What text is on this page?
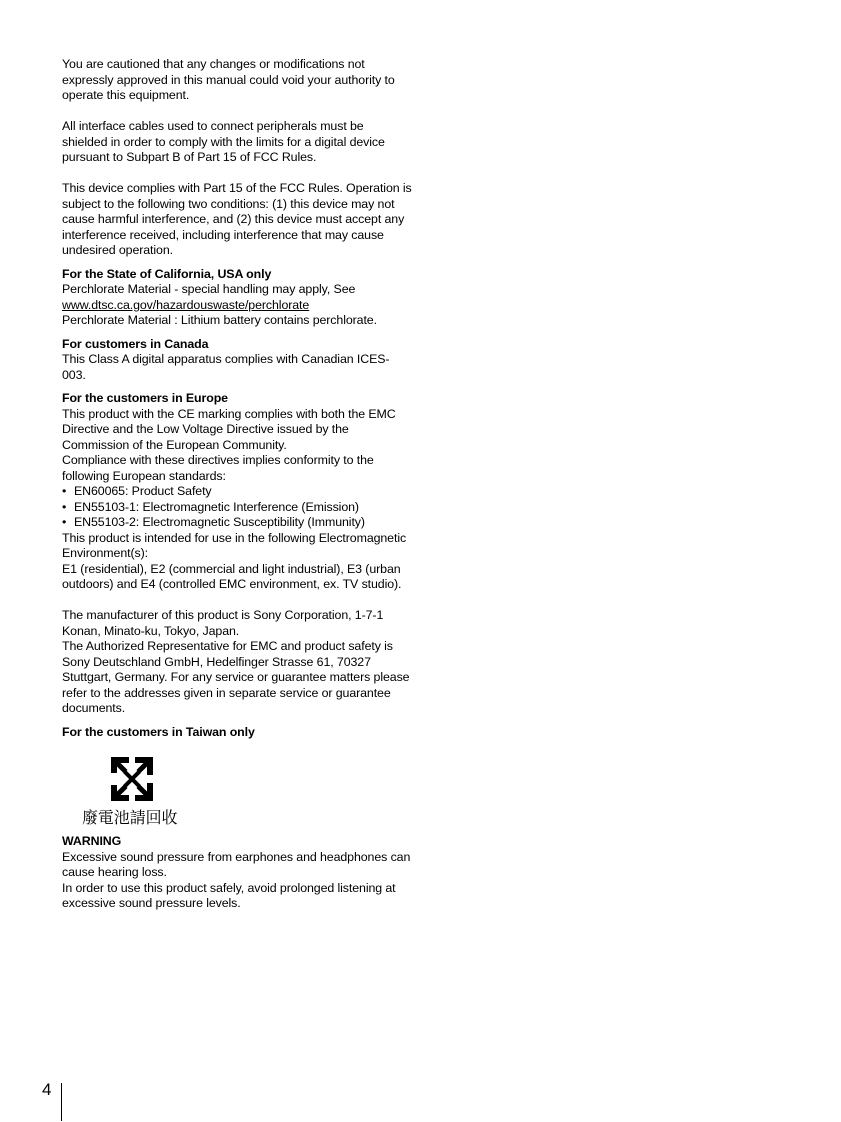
You are cautioned that any changes or modifications not expressly approved in this manual could void your authority to operate this equipment.

All interface cables used to connect peripherals must be shielded in order to comply with the limits for a digital device pursuant to Subpart B of Part 15 of FCC Rules.

This device complies with Part 15 of the FCC Rules. Operation is subject to the following two conditions: (1) this device may not cause harmful interference, and (2) this device must accept any interference received, including interference that may cause undesired operation.

For the State of California, USA only

Perchlorate Material - special handling may apply, See

www.dtsc.ca.gov/hazardouswaste/perchlorate

Perchlorate Material : Lithium battery contains perchlorate.

For customers in Canada

This Class A digital apparatus complies with Canadian ICES-003.

For the customers in Europe

This product with the CE marking complies with both the EMC Directive and the Low Voltage Directive issued by the Commission of the European Community.

Compliance with these directives implies conformity to the following European standards:

• EN60065: Product Safety
• EN55103-1: Electromagnetic Interference (Emission)
• EN55103-2: Electromagnetic Susceptibility (Immunity)

This product is intended for use in the following Electromagnetic Environment(s):

E1 (residential), E2 (commercial and light industrial), E3 (urban outdoors) and E4 (controlled EMC environment, ex. TV studio).

The manufacturer of this product is Sony Corporation, 1-7-1 Konan, Minato-ku, Tokyo, Japan.

The Authorized Representative for EMC and product safety is Sony Deutschland GmbH, Hedelfinger Strasse 61, 70327 Stuttgart, Germany. For any service or guarantee matters please refer to the addresses given in separate service or guarantee documents.

For the customers in Taiwan only

廢電池請回收

WARNING

Excessive sound pressure from earphones and headphones can cause hearing loss.

In order to use this product safely, avoid prolonged listening at excessive sound pressure levels.

4
